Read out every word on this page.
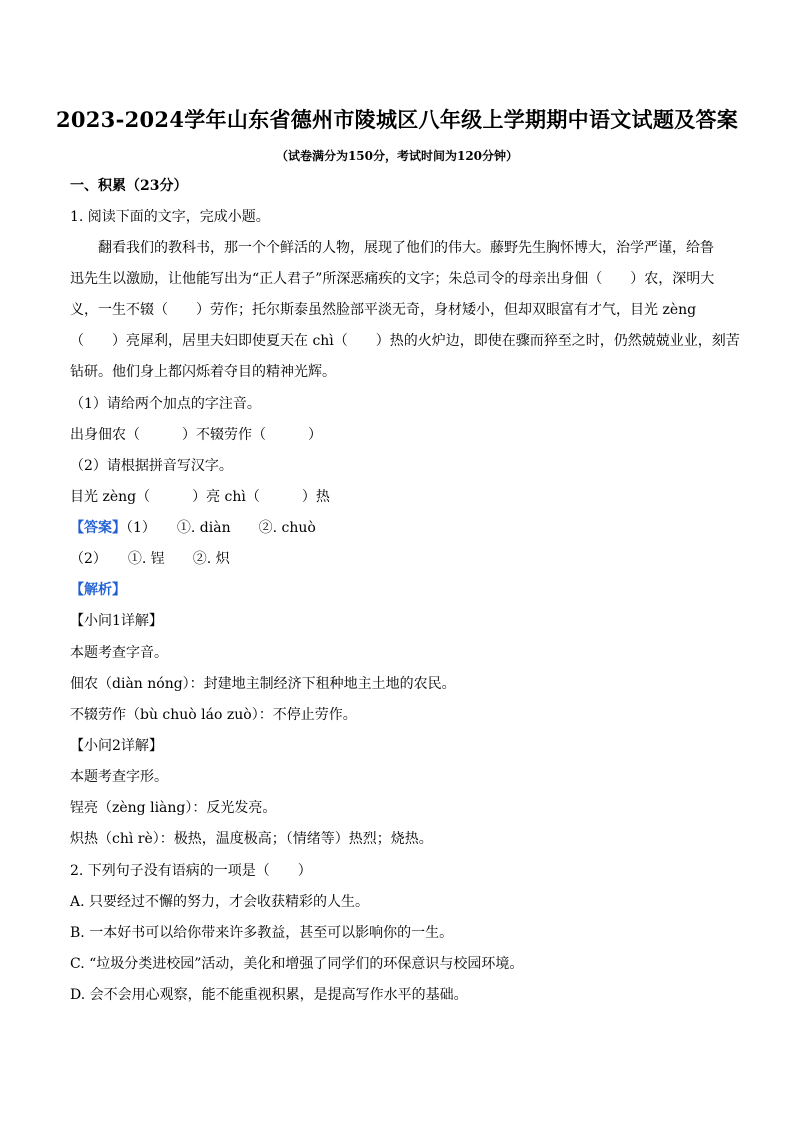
2023-2024学年山东省德州市陵城区八年级上学期期中语文试题及答案
（试卷满分为150分，考试时间为120分钟）
一、积累（23分）
1. 阅读下面的文字，完成小题。
翻看我们的教科书，那一个个鲜活的人物，展现了他们的伟大。藤野先生胸怀博大，治学严谨，给鲁
迅先生以激励，让他能写出为“正人君子”所深恶痛疾的文字；朱总司令的母亲出身佃（　　）农，深明大
义，一生不辍（　　）劳作；托尔斯泰虽然脸部平淡无奇，身材矮小，但却双眼富有才气，目光 zèng
（　　）亮犀利，居里夫妇即使夏天在 chì（　　）热的火炉边，即使在骤而猝至之时，仍然兢兢业业，刻苦
钻研。他们身上都闪烁着夺目的精神光辉。
（1）请给两个加点的字注音。
出身佃农（　　　）不辍劳作（　　　）
（2）请根据拼音写汉字。
目光 zèng（　　　）亮 chì（　　　）热
【答案】（1）　　①. diàn　　②. chuò
（2）　　①. 锃　　②. 炽
【解析】
【小问1详解】
本题考查字音。
佃农（diàn nóng）：封建地主制经济下租种地主土地的农民。
不辍劳作（bù chuò láo zuò）：不停止劳作。
【小问2详解】
本题考查字形。
锃亮（zèng liàng）：反光发亮。
炽热（chì rè）：极热，温度极高；（情绪等）热烈；烧热。
2. 下列句子没有语病的一项是（　　）
A. 只要经过不懈的努力，才会收获精彩的人生。
B. 一本好书可以给你带来许多教益，甚至可以影响你的一生。
C. “垃圾分类进校园”活动，美化和增强了同学们的环保意识与校园环境。
D. 会不会用心观察，能不能重视积累，是提高写作水平的基础。
